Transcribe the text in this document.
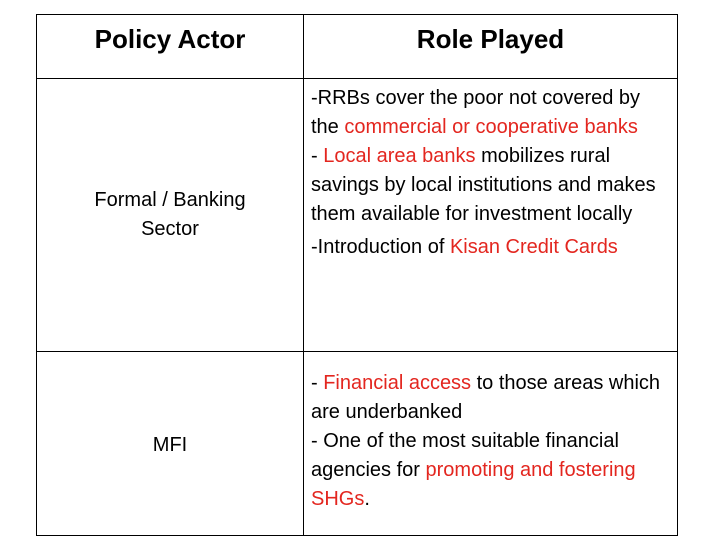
Policy Actor	Role Played
Formal / Banking Sector

-RRBs cover the poor not covered by the commercial or cooperative banks

- Local area banks mobilizes rural savings by local institutions and makes them available for investment locally

-Introduction of Kisan Credit Cards

MFI

- Financial access to those areas which are underbanked

- One of the most suitable financial agencies for promoting and fostering SHGs.
